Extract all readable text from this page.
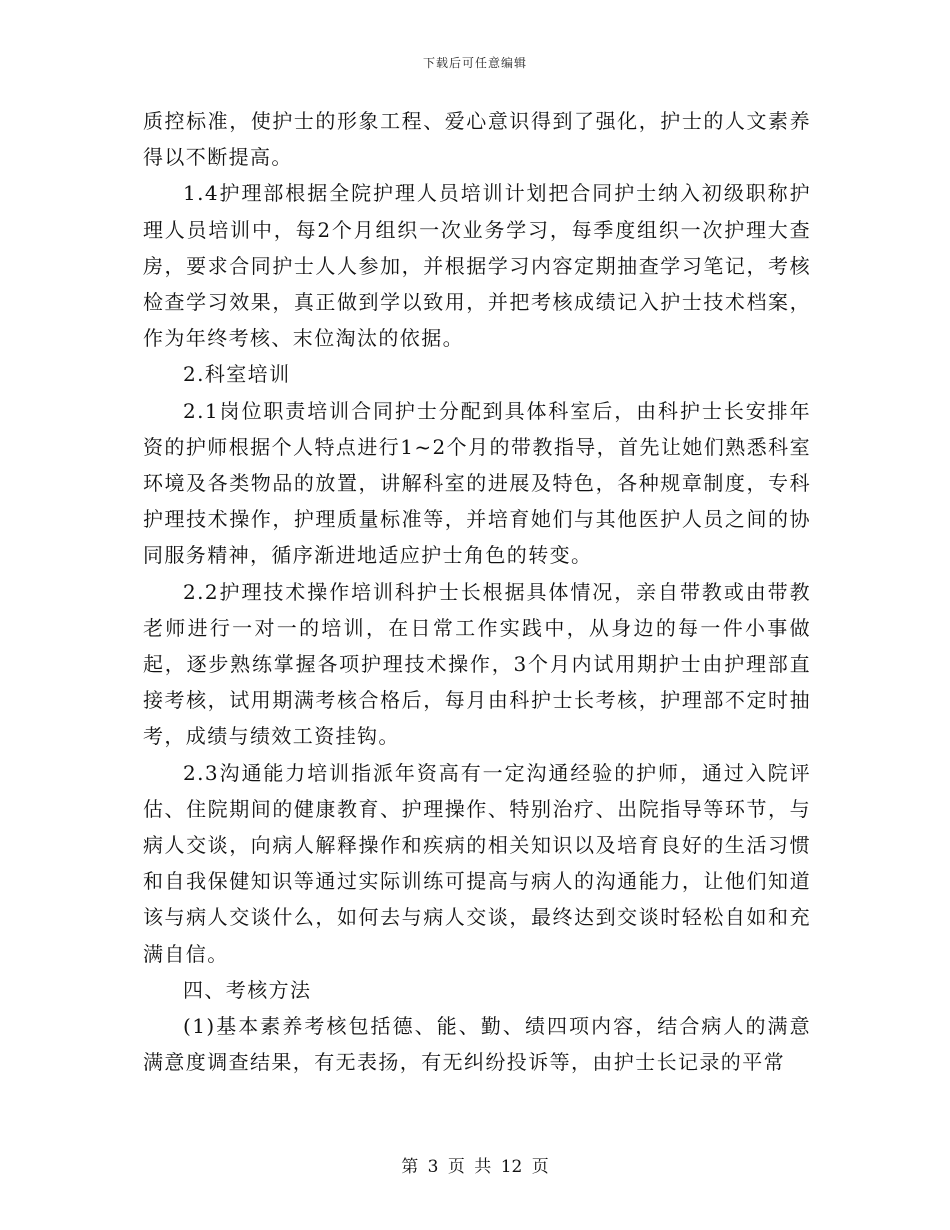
下载后可任意编辑

质控标准，使护士的形象工程、爱心意识得到了强化，护士的人文素养得以不断提高。

1.4护理部根据全院护理人员培训计划把合同护士纳入初级职称护理人员培训中，每2个月组织一次业务学习，每季度组织一次护理大查房，要求合同护士人人参加，并根据学习内容定期抽查学习笔记，考核检查学习效果，真正做到学以致用，并把考核成绩记入护士技术档案，作为年终考核、末位淘汰的依据。

2.科室培训

2.1岗位职责培训合同护士分配到具体科室后，由科护士长安排年资的护师根据个人特点进行1~2个月的带教指导，首先让她们熟悉科室环境及各类物品的放置，讲解科室的进展及特色，各种规章制度，专科护理技术操作，护理质量标准等，并培育她们与其他医护人员之间的协同服务精神，循序渐进地适应护士角色的转变。

2.2护理技术操作培训科护士长根据具体情况，亲自带教或由带教老师进行一对一的培训，在日常工作实践中，从身边的每一件小事做起，逐步熟练掌握各项护理技术操作，3个月内试用期护士由护理部直接考核，试用期满考核合格后，每月由科护士长考核，护理部不定时抽考，成绩与绩效工资挂钩。

2.3沟通能力培训指派年资高有一定沟通经验的护师，通过入院评估、住院期间的健康教育、护理操作、特别治疗、出院指导等环节，与病人交谈，向病人解释操作和疾病的相关知识以及培育良好的生活习惯和自我保健知识等通过实际训练可提高与病人的沟通能力，让他们知道该与病人交谈什么，如何去与病人交谈，最终达到交谈时轻松自如和充满自信。

四、考核方法

(1)基本素养考核包括德、能、勤、绩四项内容，结合病人的满意满意度调查结果，有无表扬，有无纠纷投诉等，由护士长记录的平常

第 3 页 共 12 页
